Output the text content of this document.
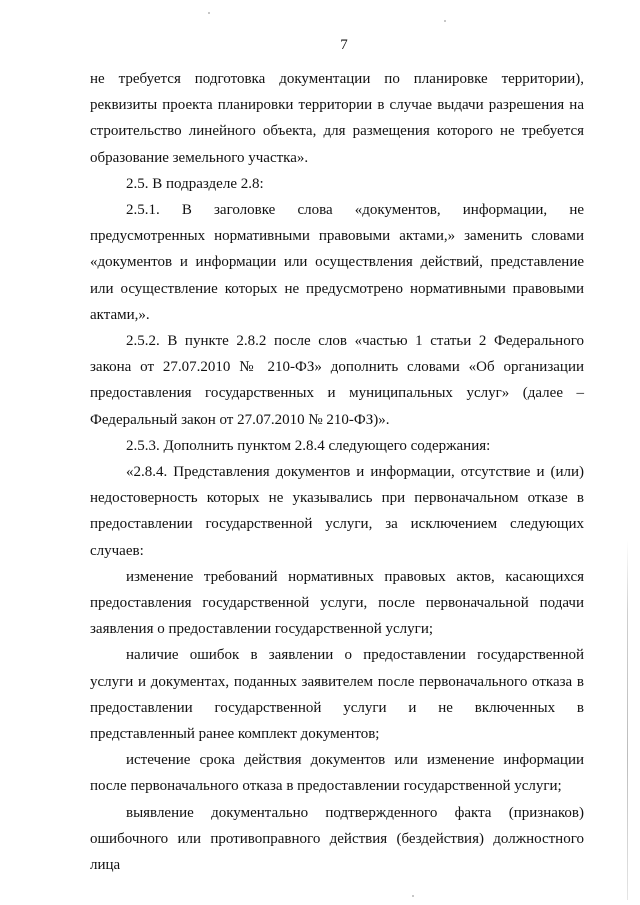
7

не требуется подготовка документации по планировке территории), реквизиты проекта планировки территории в случае выдачи разрешения на строительство линейного объекта, для размещения которого не требуется образование земельного участка».

2.5. В подразделе 2.8:

2.5.1. В заголовке слова «документов, информации, не предусмотренных нормативными правовыми актами,» заменить словами «документов и информации или осуществления действий, представление или осуществление которых не предусмотрено нормативными правовыми актами,».

2.5.2. В пункте 2.8.2 после слов «частью 1 статьи 2 Федерального закона от 27.07.2010 № 210-ФЗ» дополнить словами «Об организации предоставления государственных и муниципальных услуг» (далее – Федеральный закон от 27.07.2010 № 210-ФЗ)».

2.5.3. Дополнить пунктом 2.8.4 следующего содержания:

«2.8.4. Представления документов и информации, отсутствие и (или) недостоверность которых не указывались при первоначальном отказе в предоставлении государственной услуги, за исключением следующих случаев:

изменение требований нормативных правовых актов, касающихся предоставления государственной услуги, после первоначальной подачи заявления о предоставлении государственной услуги;

наличие ошибок в заявлении о предоставлении государственной услуги и документах, поданных заявителем после первоначального отказа в предоставлении государственной услуги и не включенных в представленный ранее комплект документов;

истечение срока действия документов или изменение информации после первоначального отказа в предоставлении государственной услуги;

выявление документально подтвержденного факта (признаков) ошибочного или противоправного действия (бездействия) должностного лица
